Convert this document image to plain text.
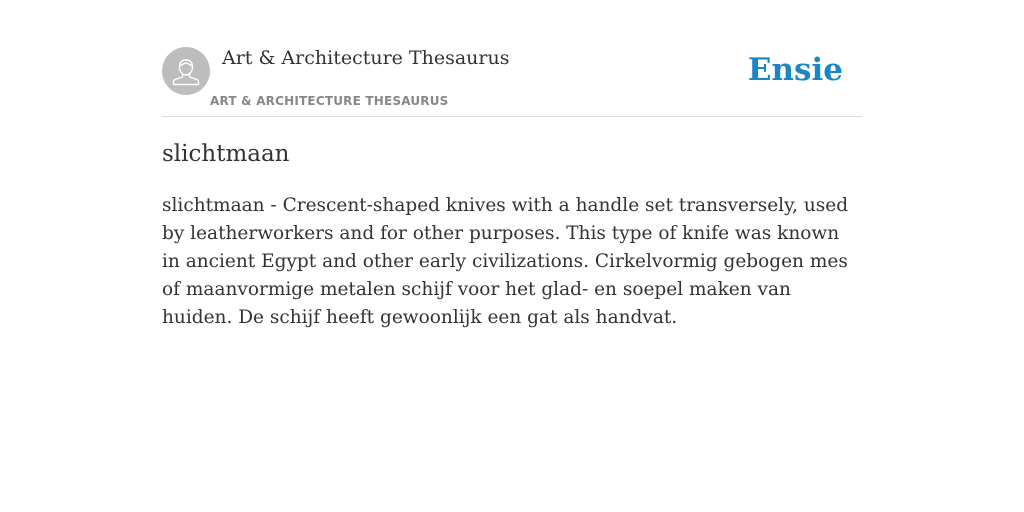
Art & Architecture Thesaurus
ART & ARCHITECTURE THESAURUS
Ensie
slichtmaan

slichtmaan - Crescent-shaped knives with a handle set transversely, used by leatherworkers and for other purposes. This type of knife was known in ancient Egypt and other early civilizations. Cirkelvormig gebogen mes of maanvormige metalen schijf voor het glad- en soepel maken van huiden. De schijf heeft gewoonlijk een gat als handvat.
